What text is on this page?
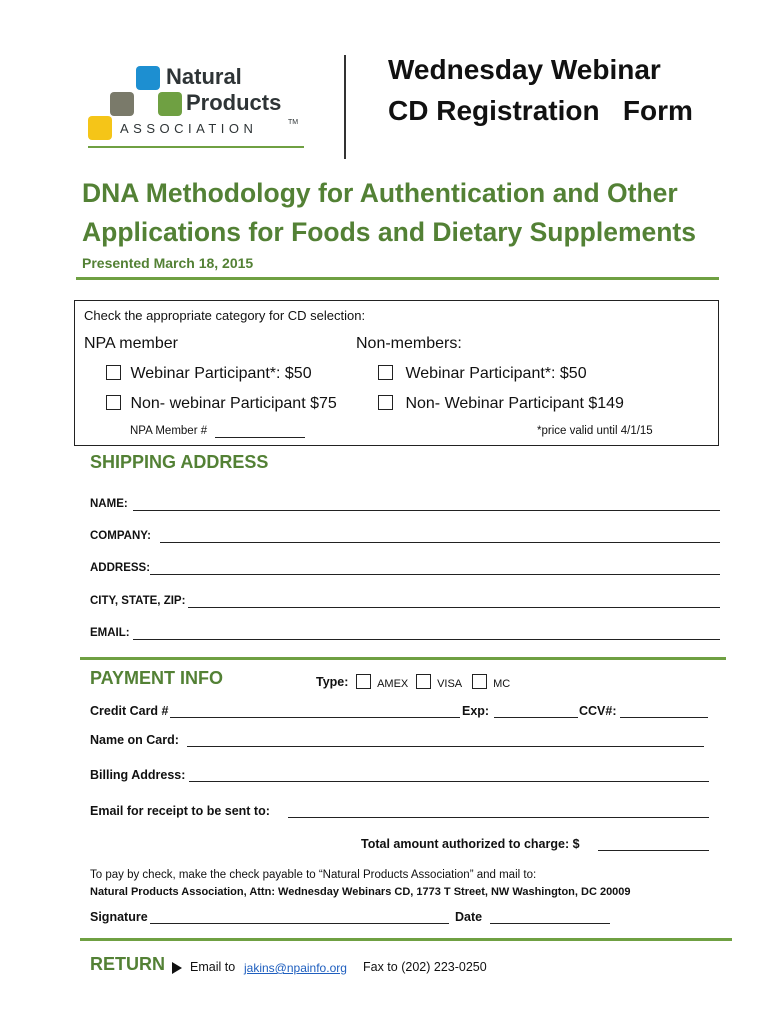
Natural
Products
ASSOCIATION	TM
Wednesday Webinar
CD Registration   Form
DNA Methodology for Authentication and Other
Applications for Foods and Dietary Supplements
Presented March 18, 2015
Check the appropriate category for CD selection:
NPA member	Non-members:
Webinar Participant*: $50
Non- webinar Participant $75
Webinar Participant*: $50
Non- Webinar Participant $149
NPA Member #	*price valid until 4/1/15
SHIPPING ADDRESS
NAME:
COMPANY:
ADDRESS:
CITY, STATE, ZIP:
EMAIL:
PAYMENT INFO	Type:	AMEX	VISA	MC
Credit Card #	Exp:	CCV#:
Name on Card:
Billing Address:
Email for receipt to be sent to:
Total amount authorized to charge: $
To pay by check, make the check payable to “Natural Products Association” and mail to:
Natural Products Association, Attn: Wednesday Webinars CD, 1773 T Street, NW Washington, DC 20009
Signature	Date
RETURN Email to jakins@npainfo.org Fax to (202) 223-0250
